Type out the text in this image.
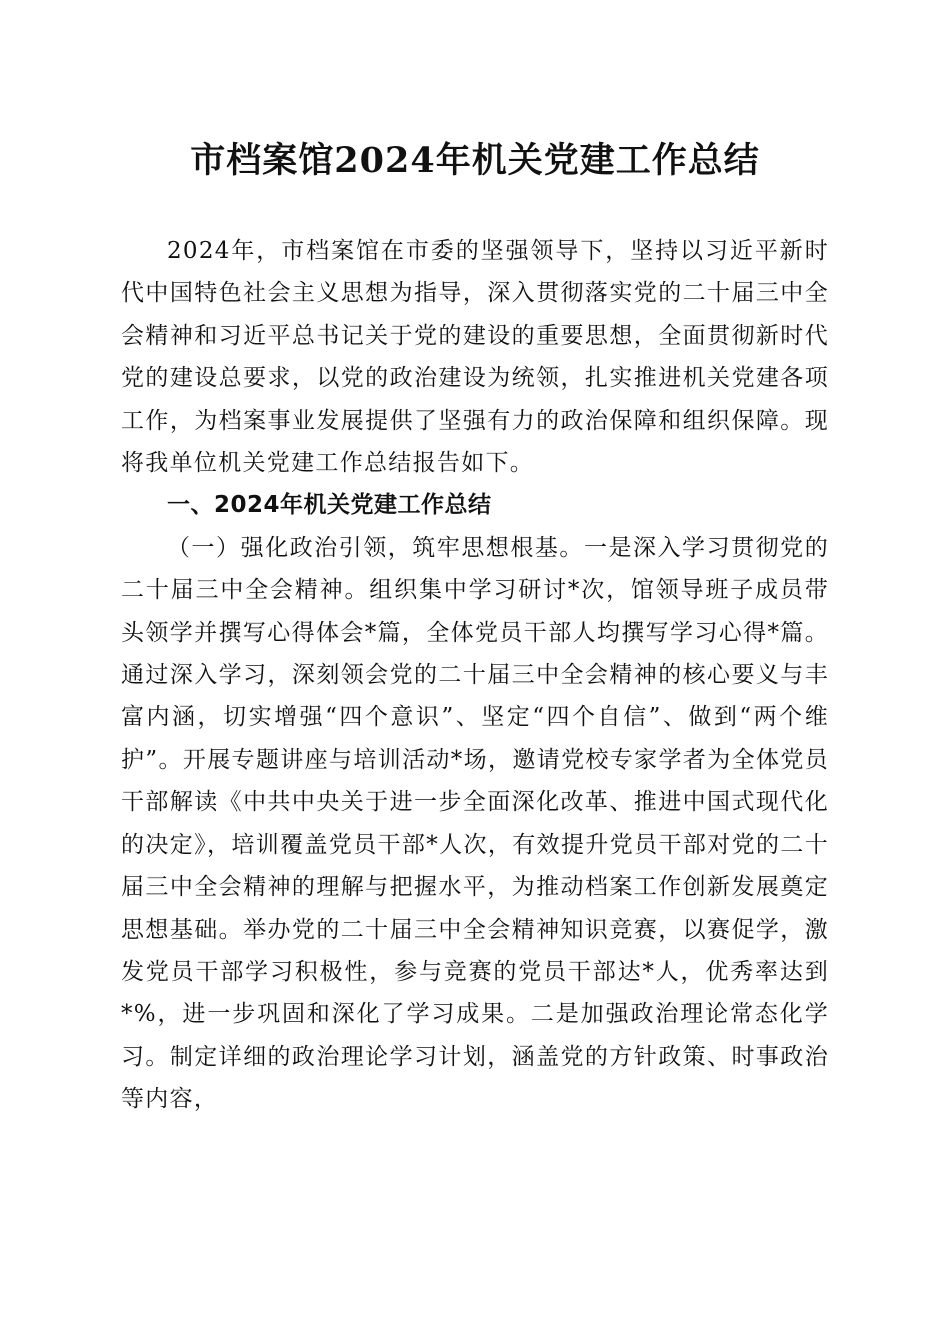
市档案馆2024年机关党建工作总结

2024年，市档案馆在市委的坚强领导下，坚持以习近平新时代中国特色社会主义思想为指导，深入贯彻落实党的二十届三中全会精神和习近平总书记关于党的建设的重要思想，全面贯彻新时代党的建设总要求，以党的政治建设为统领，扎实推进机关党建各项工作，为档案事业发展提供了坚强有力的政治保障和组织保障。现将我单位机关党建工作总结报告如下。

一、2024年机关党建工作总结

（一）强化政治引领，筑牢思想根基。一是深入学习贯彻党的二十届三中全会精神。组织集中学习研讨*次，馆领导班子成员带头领学并撰写心得体会*篇，全体党员干部人均撰写学习心得*篇。通过深入学习，深刻领会党的二十届三中全会精神的核心要义与丰富内涵，切实增强“四个意识”、坚定“四个自信”、做到“两个维护”。开展专题讲座与培训活动*场，邀请党校专家学者为全体党员干部解读《中共中央关于进一步全面深化改革、推进中国式现代化的决定》，培训覆盖党员干部*人次，有效提升党员干部对党的二十届三中全会精神的理解与把握水平，为推动档案工作创新发展奠定思想基础。举办党的二十届三中全会精神知识竞赛，以赛促学，激发党员干部学习积极性，参与竞赛的党员干部达*人，优秀率达到*%，进一步巩固和深化了学习成果。二是加强政治理论常态化学习。制定详细的政治理论学习计划，涵盖党的方针政策、时事政治等内容，
